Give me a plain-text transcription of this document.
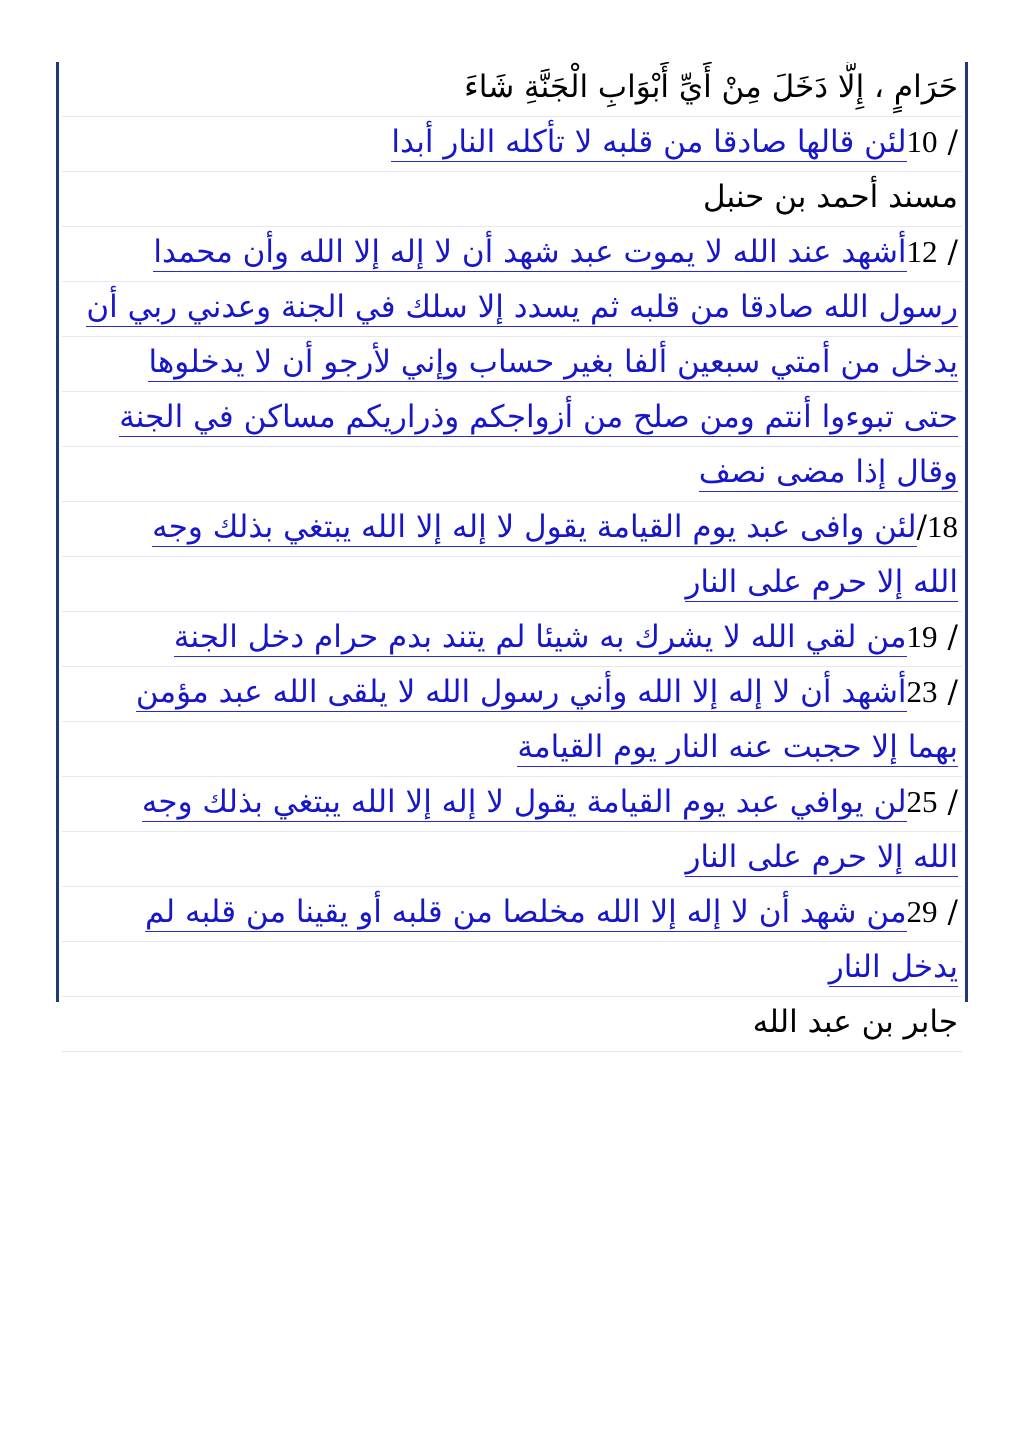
حَرَامٍ ، إِلَّا دَخَلَ مِنْ أَيِّ أَبْوَابِ الْجَنَّةِ شَاءَ
/10لئن قالها صادقا من قلبه لا تأكله النار أبدا
مسند أحمد بن حنبل
/12أشهد عند الله لا يموت عبد شهد أن لا إله إلا الله وأن محمدا
رسول الله صادقا من قلبه ثم يسدد إلا سلك في الجنة وعدني ربي أن
يدخل من أمتي سبعين ألفا بغير حساب وإني لأرجو أن لا يدخلوها
حتى تبوءوا أنتم ومن صلح من أزواجكم وذراريكم مساكن في الجنة
وقال إذا مضى نصف
18/لئن وافى عبد يوم القيامة يقول لا إله إلا الله يبتغي بذلك وجه
الله إلا حرم على النار
/19من لقي الله لا يشرك به شيئا لم يتند بدم حرام دخل الجنة
/23أشهد أن لا إله إلا الله وأني رسول الله لا يلقى الله عبد مؤمن
بهما إلا حجبت عنه النار يوم القيامة
/25لن يوافي عبد يوم القيامة يقول لا إله إلا الله يبتغي بذلك وجه
الله إلا حرم على النار
/29من شهد أن لا إله إلا الله مخلصا من قلبه أو يقينا من قلبه لم
يدخل النار
جابر بن عبد الله
